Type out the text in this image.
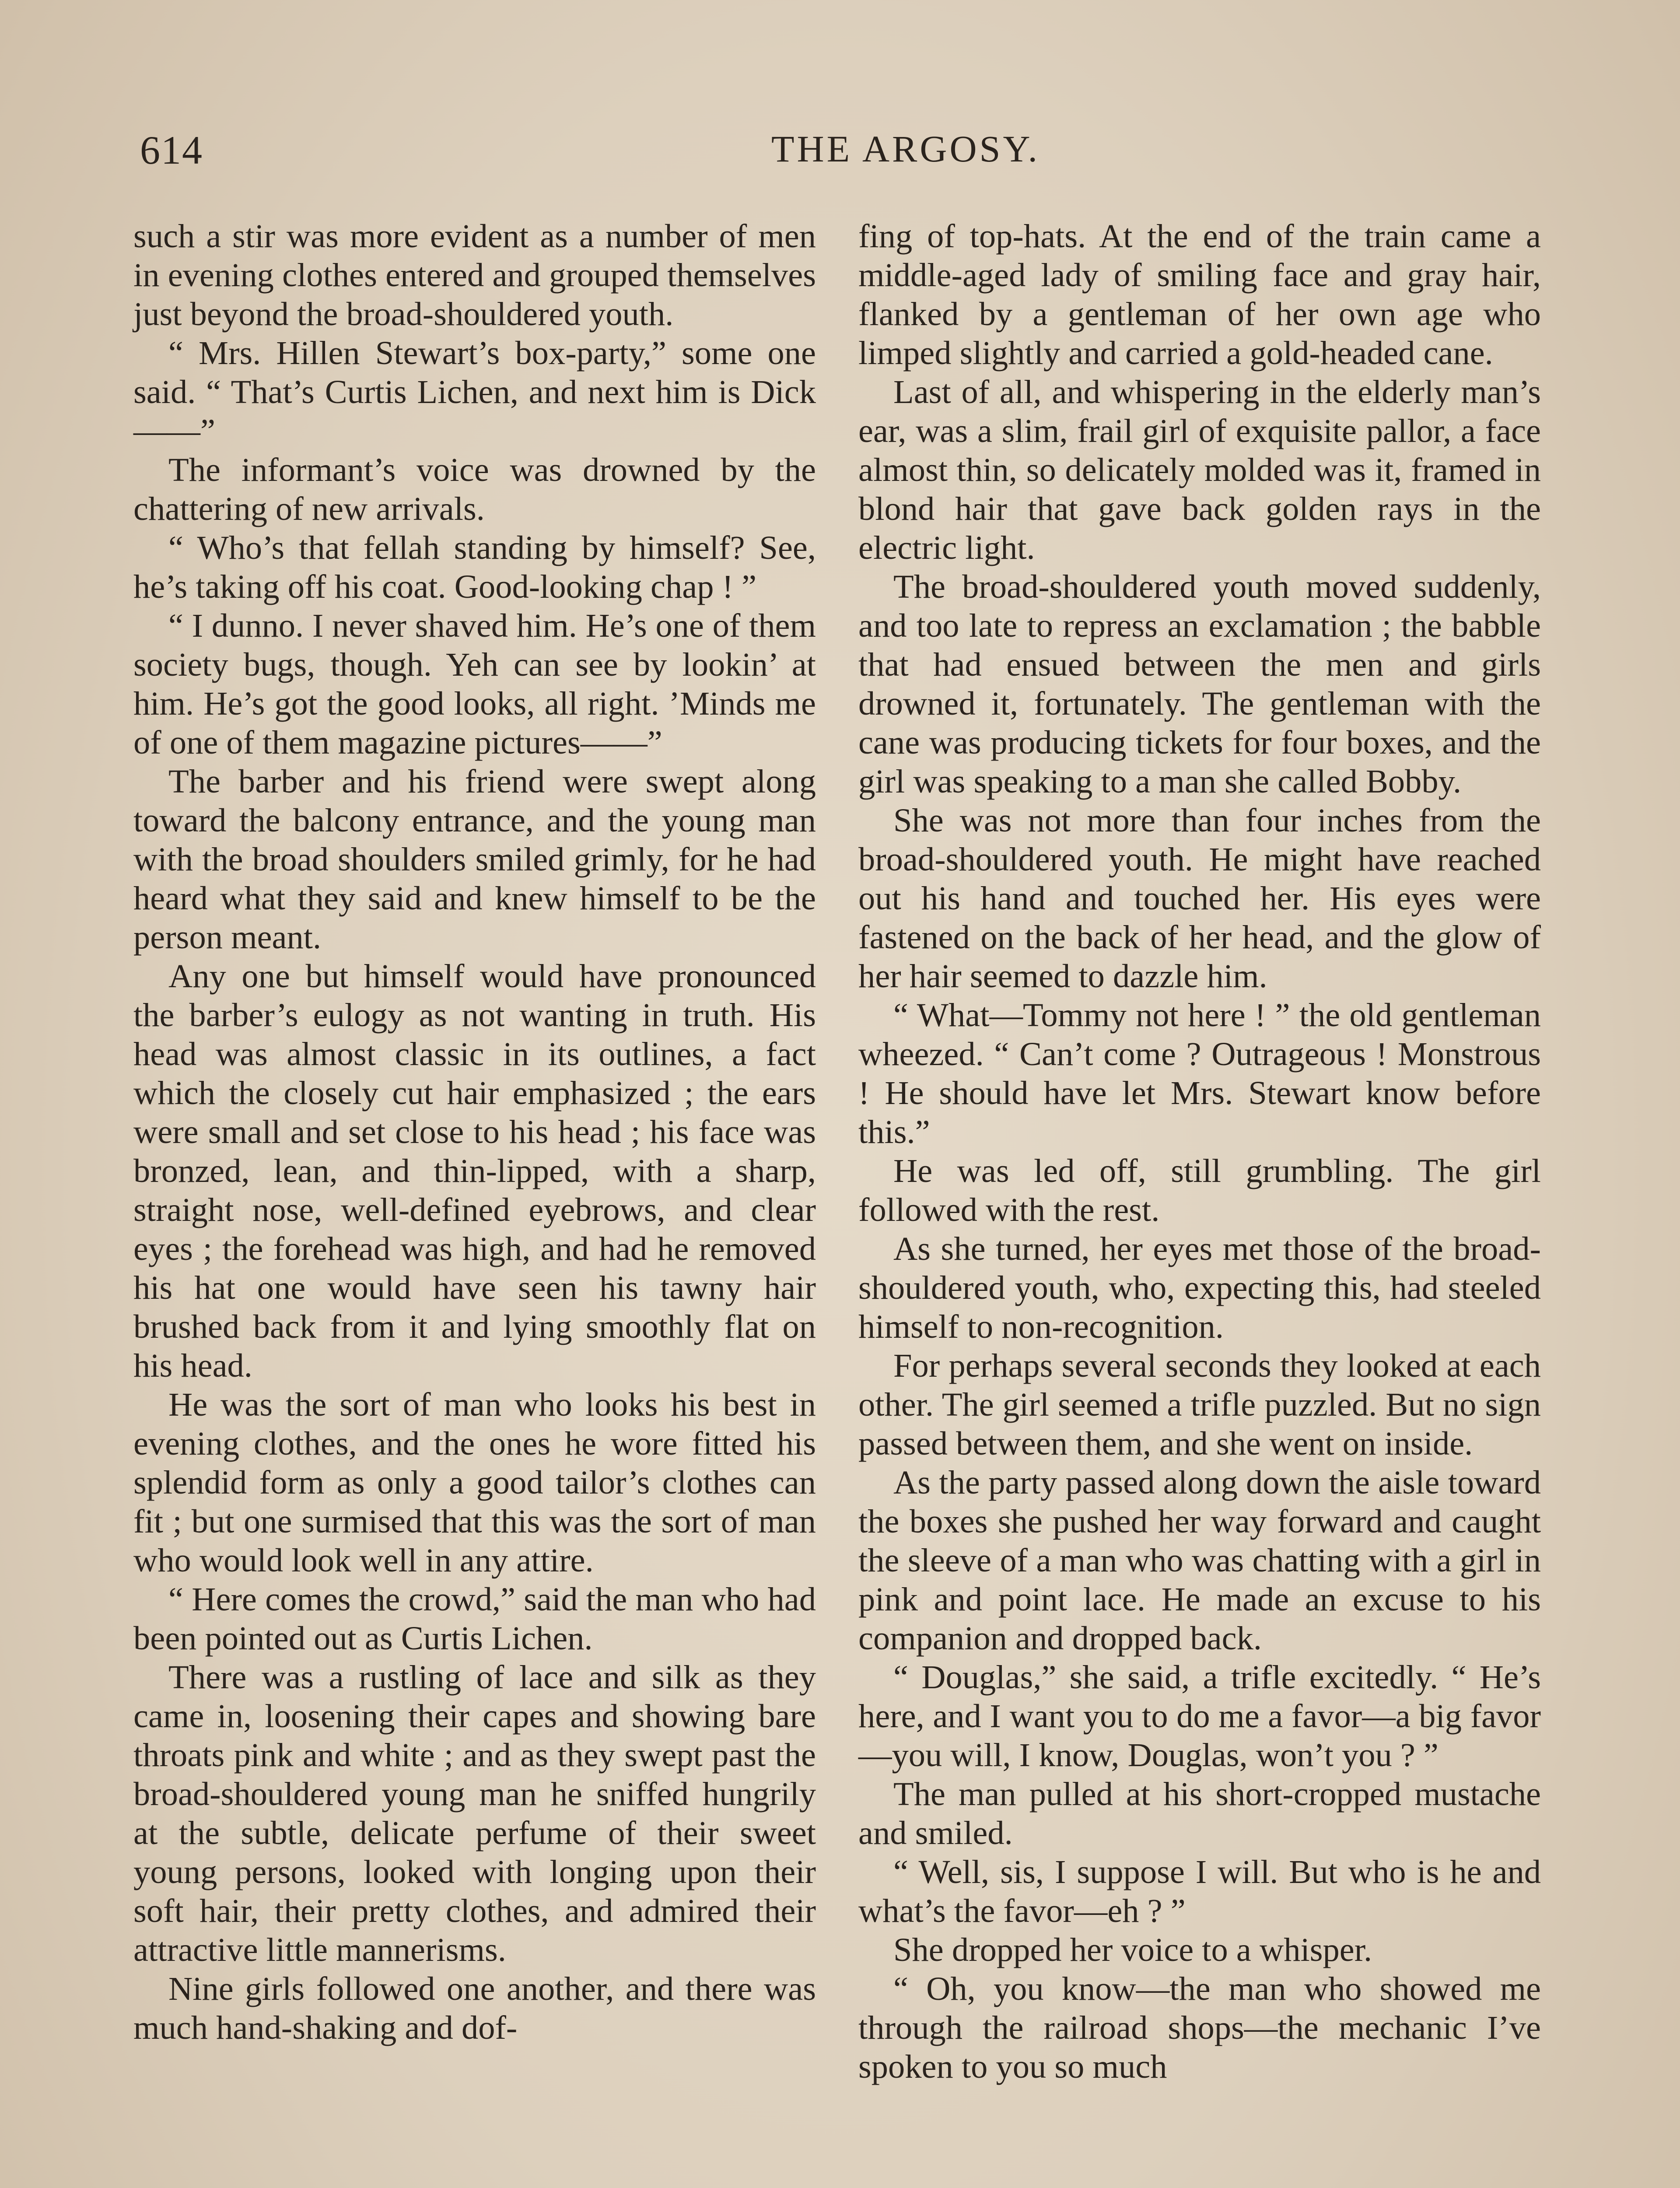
614	THE ARGOSY.

such a stir was more evident as a number of men in evening clothes entered and grouped themselves just beyond the broad-shouldered youth.

“ Mrs. Hillen Stewart’s box-party,” some one said. “ That’s Curtis Lichen, and next him is Dick——”

The informant’s voice was drowned by the chattering of new arrivals.

“ Who’s that fellah standing by himself? See, he’s taking off his coat. Good-looking chap ! ”

“ I dunno. I never shaved him. He’s one of them society bugs, though. Yeh can see by lookin’ at him. He’s got the good looks, all right. ’Minds me of one of them magazine pictures——”

The barber and his friend were swept along toward the balcony entrance, and the young man with the broad shoulders smiled grimly, for he had heard what they said and knew himself to be the person meant.

Any one but himself would have pronounced the barber’s eulogy as not wanting in truth. His head was almost classic in its outlines, a fact which the closely cut hair emphasized ; the ears were small and set close to his head ; his face was bronzed, lean, and thin-lipped, with a sharp, straight nose, well-defined eyebrows, and clear eyes ; the forehead was high, and had he removed his hat one would have seen his tawny hair brushed back from it and lying smoothly flat on his head.

He was the sort of man who looks his best in evening clothes, and the ones he wore fitted his splendid form as only a good tailor’s clothes can fit ; but one surmised that this was the sort of man who would look well in any attire.

“ Here comes the crowd,” said the man who had been pointed out as Curtis Lichen.

There was a rustling of lace and silk as they came in, loosening their capes and showing bare throats pink and white ; and as they swept past the broad-shouldered young man he sniffed hungrily at the subtle, delicate perfume of their sweet young persons, looked with longing upon their soft hair, their pretty clothes, and admired their attractive little mannerisms.

Nine girls followed one another, and there was much hand-shaking and dof-

fing of top-hats. At the end of the train came a middle-aged lady of smiling face and gray hair, flanked by a gentleman of her own age who limped slightly and carried a gold-headed cane.

Last of all, and whispering in the elderly man’s ear, was a slim, frail girl of exquisite pallor, a face almost thin, so delicately molded was it, framed in blond hair that gave back golden rays in the electric light.

The broad-shouldered youth moved suddenly, and too late to repress an exclamation ; the babble that had ensued between the men and girls drowned it, fortunately. The gentleman with the cane was producing tickets for four boxes, and the girl was speaking to a man she called Bobby.

She was not more than four inches from the broad-shouldered youth. He might have reached out his hand and touched her. His eyes were fastened on the back of her head, and the glow of her hair seemed to dazzle him.

“ What—Tommy not here ! ” the old gentleman wheezed. “ Can’t come ? Outrageous ! Monstrous ! He should have let Mrs. Stewart know before this.”

He was led off, still grumbling. The girl followed with the rest.

As she turned, her eyes met those of the broad-shouldered youth, who, expecting this, had steeled himself to non-recognition.

For perhaps several seconds they looked at each other. The girl seemed a trifle puzzled. But no sign passed between them, and she went on inside.

As the party passed along down the aisle toward the boxes she pushed her way forward and caught the sleeve of a man who was chatting with a girl in pink and point lace. He made an excuse to his companion and dropped back.

“ Douglas,” she said, a trifle excitedly. “ He’s here, and I want you to do me a favor—a big favor—you will, I know, Douglas, won’t you ? ”

The man pulled at his short-cropped mustache and smiled.

“ Well, sis, I suppose I will. But who is he and what’s the favor—eh ? ”

She dropped her voice to a whisper.

“ Oh, you know—the man who showed me through the railroad shops—the mechanic I’ve spoken to you so much
